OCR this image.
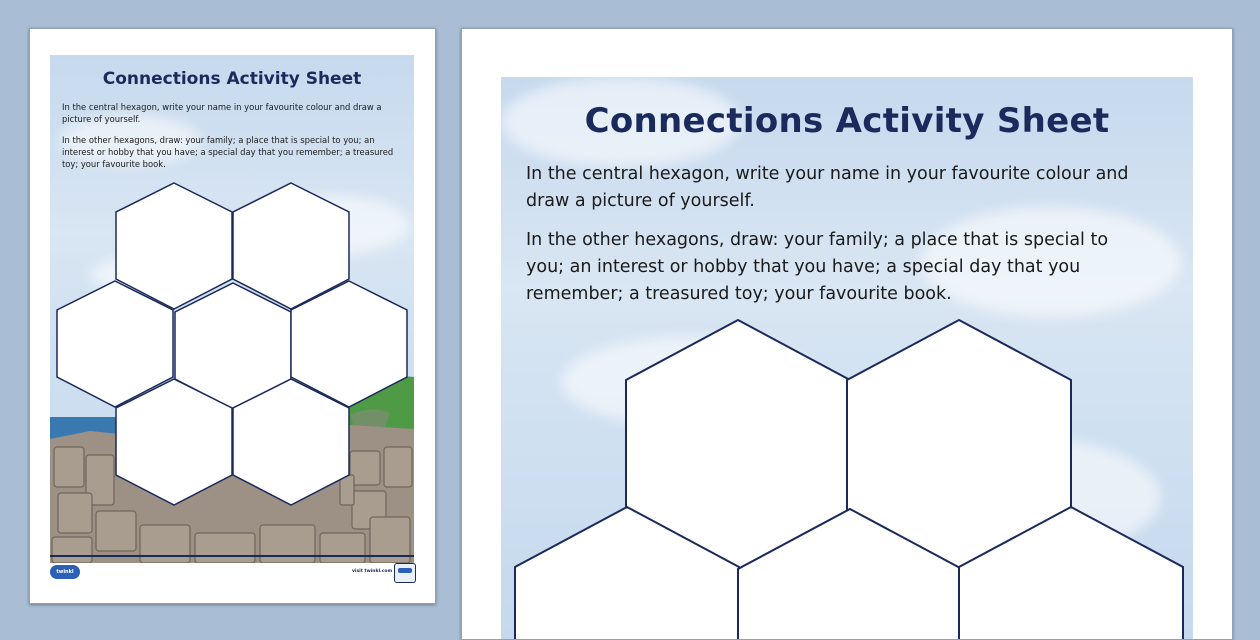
Connections Activity Sheet

In the central hexagon, write your name in your favourite colour and draw a picture of yourself.

In the other hexagons, draw: your family; a place that is special to you; an interest or hobby that you have; a special day that you remember; a treasured toy; your favourite book.

twinkl	visit twinkl.com
Connections Activity Sheet

In the central hexagon, write your name in your favourite colour and draw a picture of yourself.

In the other hexagons, draw: your family; a place that is special to you; an interest or hobby that you have; a special day that you remember; a treasured toy; your favourite book.
